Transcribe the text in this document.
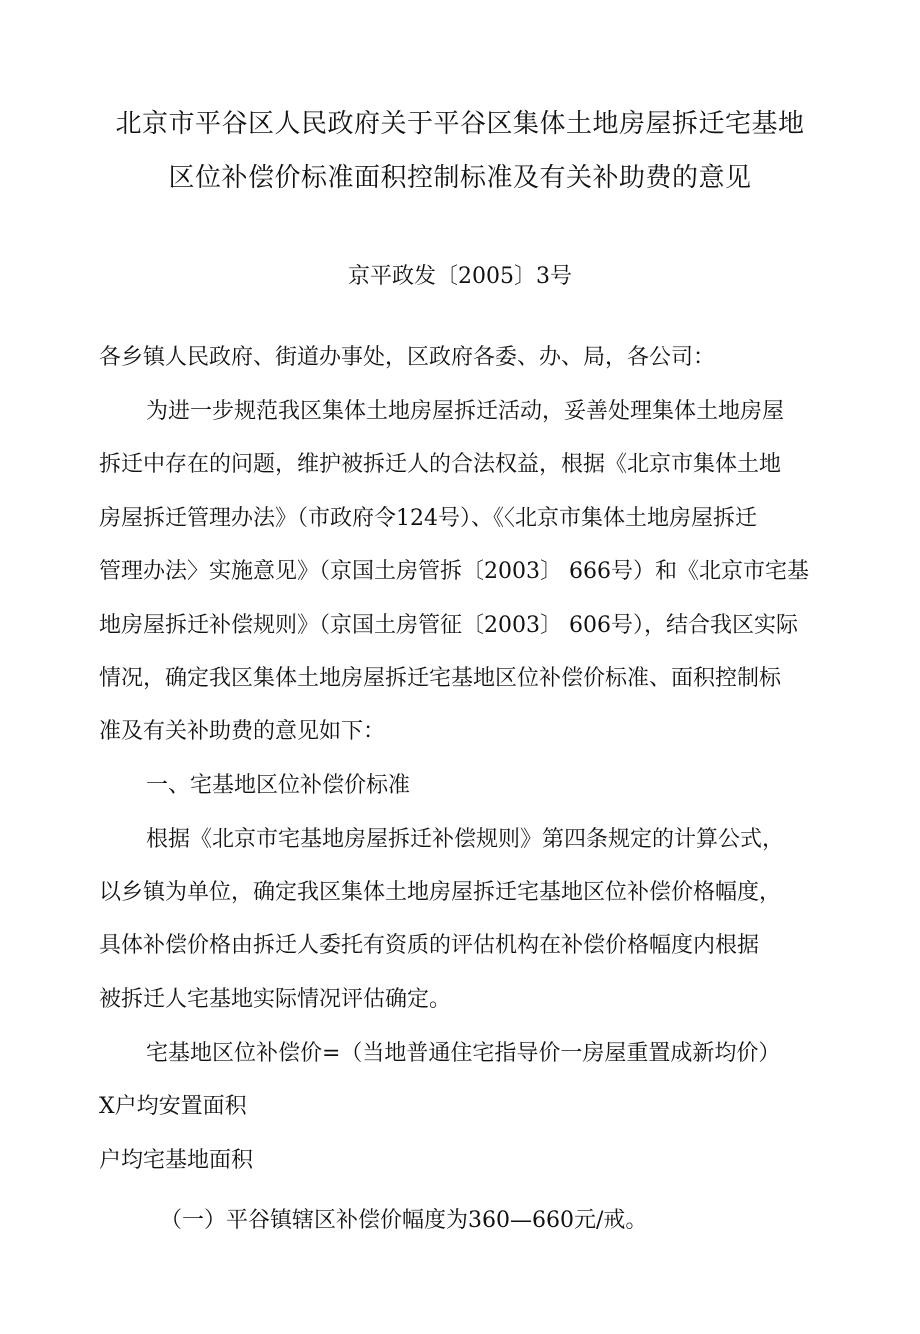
北京市平谷区人民政府关于平谷区集体土地房屋拆迁宅基地
区位补偿价标准面积控制标准及有关补助费的意见
京平政发〔2005〕3号
各乡镇人民政府、街道办事处，区政府各委、办、局，各公司：
为进一步规范我区集体土地房屋拆迁活动，妥善处理集体土地房屋
拆迁中存在的问题，维护被拆迁人的合法权益，根据《北京市集体土地
房屋拆迁管理办法》（市政府令124号）、《〈北京市集体土地房屋拆迁
管理办法〉实施意见》（京国土房管拆〔2003〕 666号）和《北京市宅基
地房屋拆迁补偿规则》（京国土房管征〔2003〕 606号），结合我区实际
情况，确定我区集体土地房屋拆迁宅基地区位补偿价标准、面积控制标
准及有关补助费的意见如下：
一、宅基地区位补偿价标准
根据《北京市宅基地房屋拆迁补偿规则》第四条规定的计算公式，
以乡镇为单位，确定我区集体土地房屋拆迁宅基地区位补偿价格幅度，
具体补偿价格由拆迁人委托有资质的评估机构在补偿价格幅度内根据
被拆迁人宅基地实际情况评估确定。
宅基地区位补偿价=（当地普通住宅指导价一房屋重置成新均价）
X户均安置面积
户均宅基地面积
（一）平谷镇辖区补偿价幅度为360—660元/戒。
